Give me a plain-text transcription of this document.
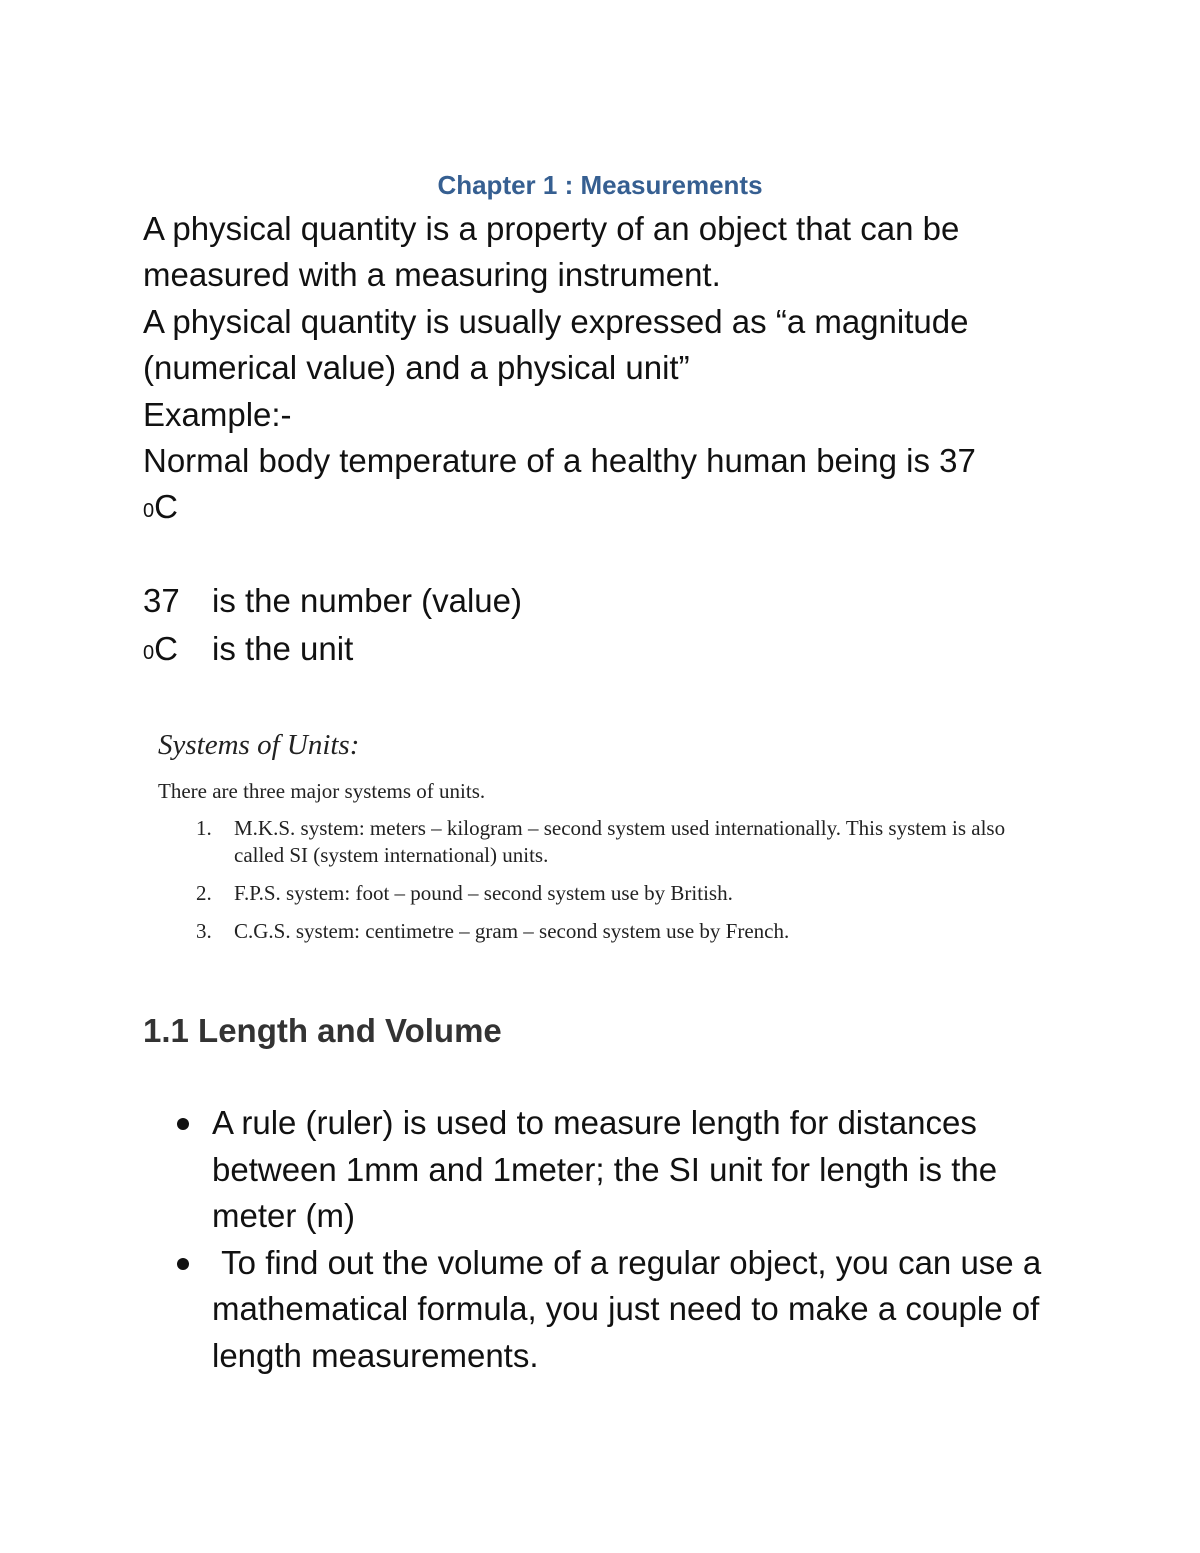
Chapter 1 : Measurements
A physical quantity is a property of an object that can be measured with a measuring instrument.
A physical quantity is usually expressed as “a magnitude (numerical value) and a physical unit”
Example:-
Normal body temperature of a healthy human being is 37
$^0$C
37 is the number (value)
$^0$C is the unit
Systems of Units:
There are three major systems of units.
1. M.K.S. system: meters – kilogram – second system used internationally. This system is also called SI (system international) units.
2. F.P.S. system: foot – pound – second system use by British.
3. C.G.S. system: centimetre – gram – second system use by French.
1.1 Length and Volume
A rule (ruler) is used to measure length for distances between 1mm and 1meter; the SI unit for length is the meter (m)
To find out the volume of a regular object, you can use a mathematical formula, you just need to make a couple of length measurements.
